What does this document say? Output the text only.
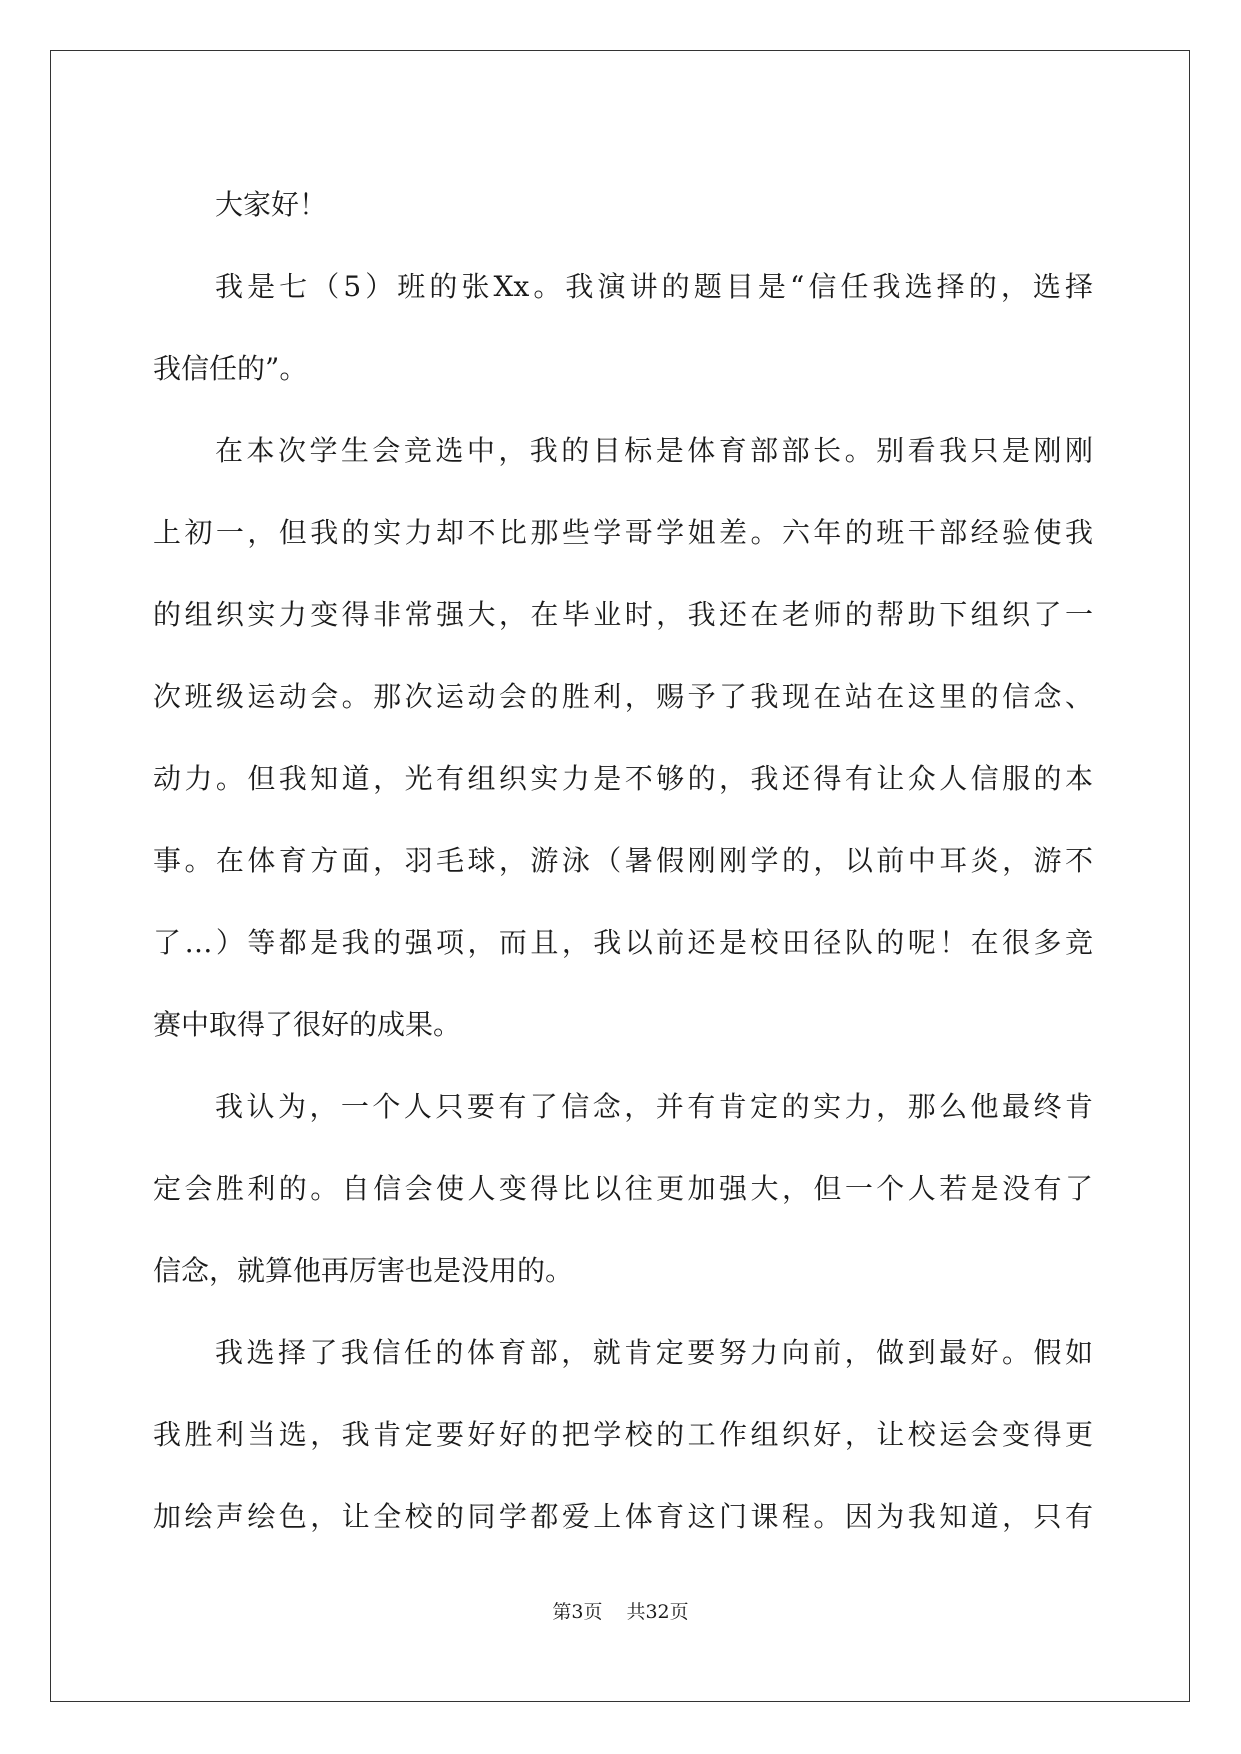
大家好！
我是七（5）班的张Xx。我演讲的题目是“信任我选择的，选择
我信任的”。
在本次学生会竞选中，我的目标是体育部部长。别看我只是刚刚
上初一，但我的实力却不比那些学哥学姐差。六年的班干部经验使我
的组织实力变得非常强大，在毕业时，我还在老师的帮助下组织了一
次班级运动会。那次运动会的胜利，赐予了我现在站在这里的信念、
动力。但我知道，光有组织实力是不够的，我还得有让众人信服的本
事。在体育方面，羽毛球，游泳（暑假刚刚学的，以前中耳炎，游不
了…）等都是我的强项，而且，我以前还是校田径队的呢！在很多竞
赛中取得了很好的成果。
我认为，一个人只要有了信念，并有肯定的实力，那么他最终肯
定会胜利的。自信会使人变得比以往更加强大，但一个人若是没有了
信念，就算他再厉害也是没用的。
我选择了我信任的体育部，就肯定要努力向前，做到最好。假如
我胜利当选，我肯定要好好的把学校的工作组织好，让校运会变得更
加绘声绘色，让全校的同学都爱上体育这门课程。因为我知道，只有
第3页 共32页
